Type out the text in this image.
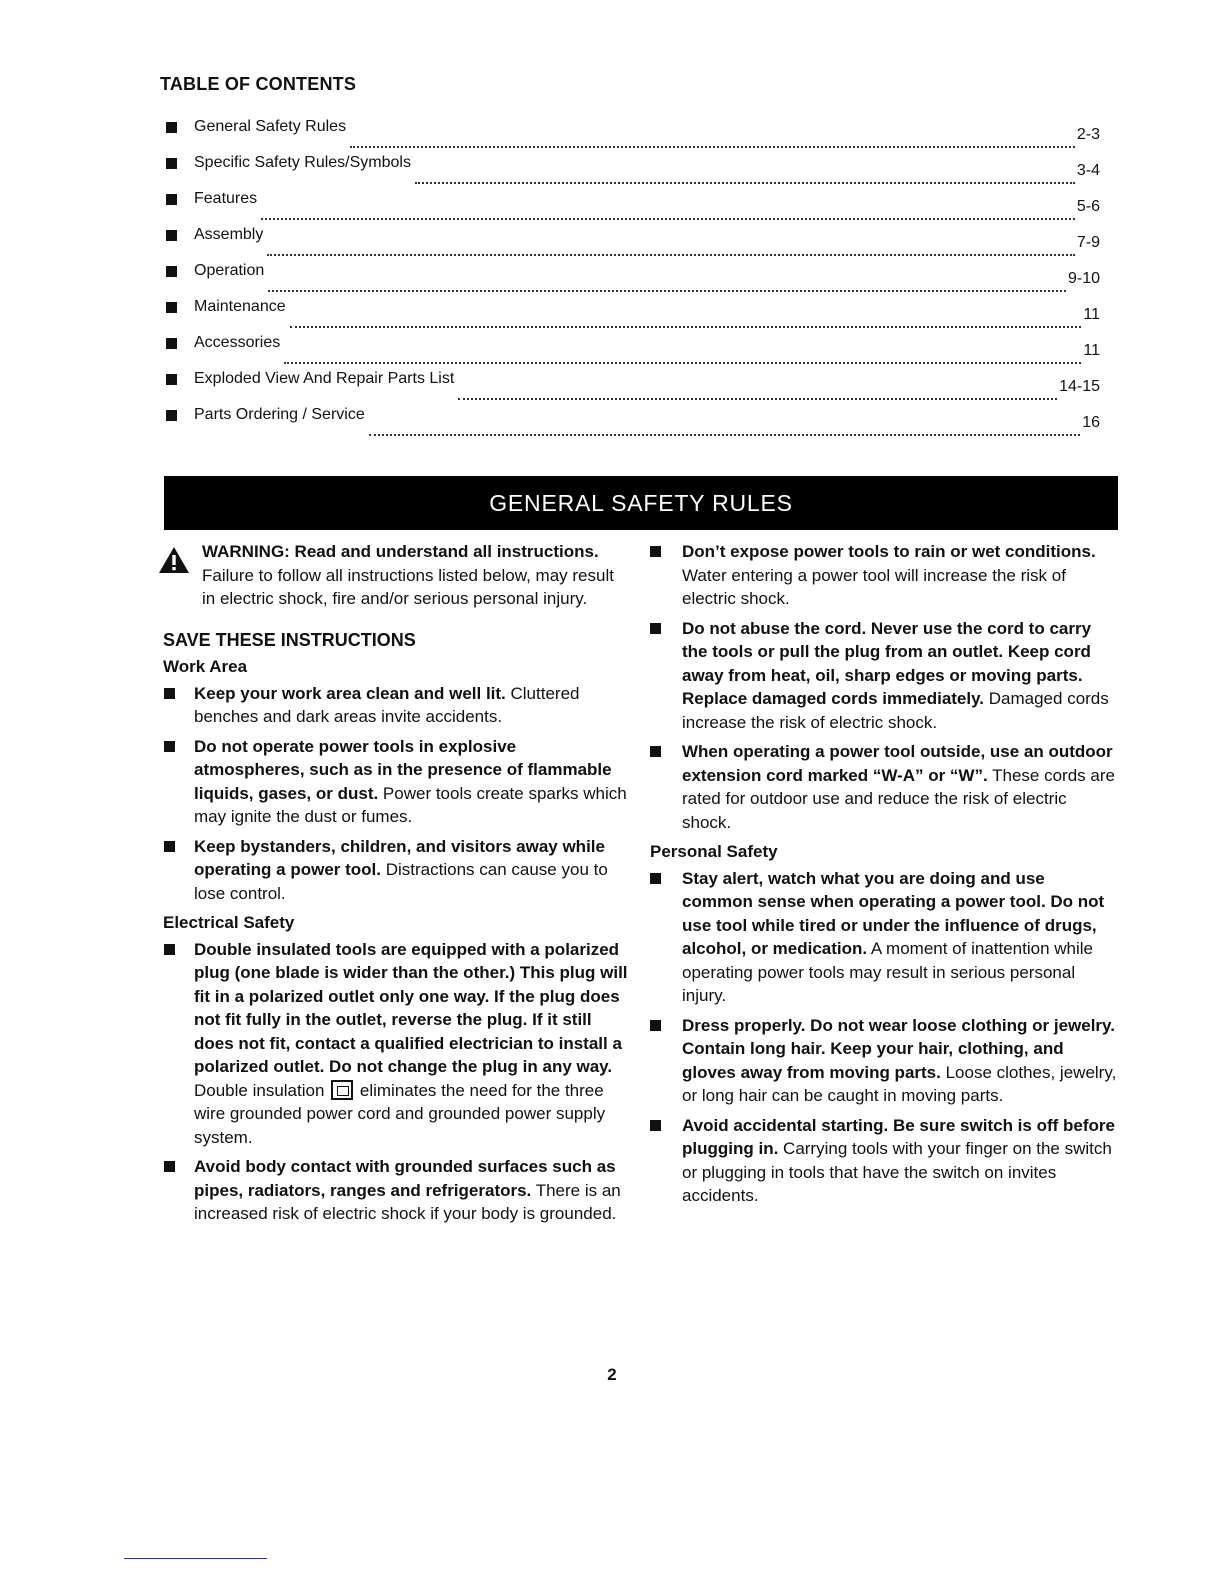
TABLE OF CONTENTS
General Safety Rules	2-3
Specific Safety Rules/Symbols	3-4
Features	5-6
Assembly	7-9
Operation	9-10
Maintenance	11
Accessories	11
Exploded View And Repair Parts List	14-15
Parts Ordering / Service	16
GENERAL SAFETY RULES
WARNING: Read and understand all instructions. Failure to follow all instructions listed below, may result in electric shock, fire and/or serious personal injury.
SAVE THESE INSTRUCTIONS
Work Area
Keep your work area clean and well lit. Cluttered benches and dark areas invite accidents.
Do not operate power tools in explosive atmospheres, such as in the presence of flammable liquids, gases, or dust. Power tools create sparks which may ignite the dust or fumes.
Keep bystanders, children, and visitors away while operating a power tool. Distractions can cause you to lose control.
Electrical Safety
Double insulated tools are equipped with a polarized plug (one blade is wider than the other.) This plug will fit in a polarized outlet only one way. If the plug does not fit fully in the outlet, reverse the plug. If it still does not fit, contact a qualified electrician to install a polarized outlet. Do not change the plug in any way. Double insulation  eliminates the need for the three wire grounded power cord and grounded power supply system.
Avoid body contact with grounded surfaces such as pipes, radiators, ranges and refrigerators. There is an increased risk of electric shock if your body is grounded.
Don’t expose power tools to rain or wet conditions. Water entering a power tool will increase the risk of electric shock.
Do not abuse the cord. Never use the cord to carry the tools or pull the plug from an outlet. Keep cord away from heat, oil, sharp edges or moving parts. Replace damaged cords immediately. Damaged cords increase the risk of electric shock.
When operating a power tool outside, use an outdoor extension cord marked “W-A” or “W”. These cords are rated for outdoor use and reduce the risk of electric shock.
Personal Safety
Stay alert, watch what you are doing and use common sense when operating a power tool. Do not use tool while tired or under the influence of drugs, alcohol, or medication. A moment of inattention while operating power tools may result in serious personal injury.
Dress properly. Do not wear loose clothing or jewelry. Contain long hair. Keep your hair, clothing, and gloves away from moving parts. Loose clothes, jewelry, or long hair can be caught in moving parts.
Avoid accidental starting. Be sure switch is off before plugging in. Carrying tools with your finger on the switch or plugging in tools that have the switch on invites accidents.
2
